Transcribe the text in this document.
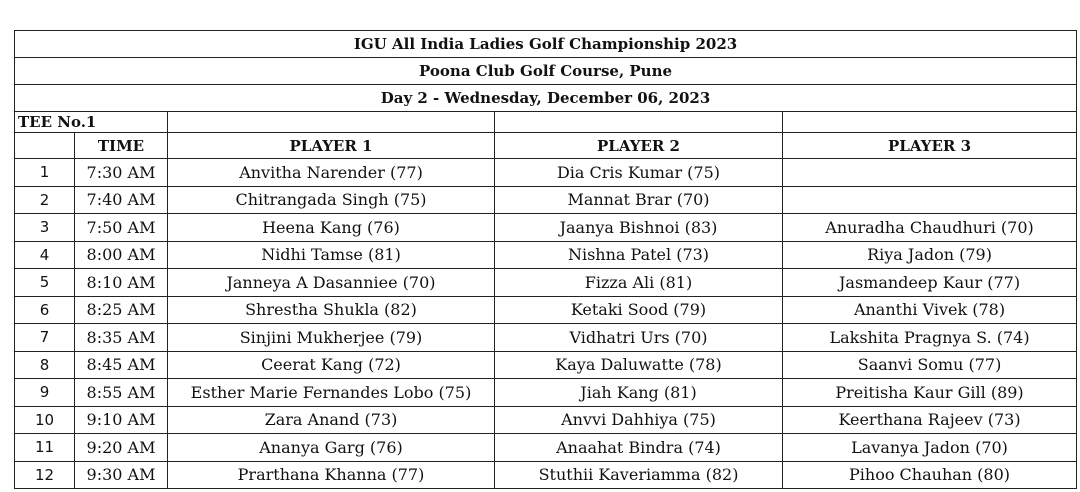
IGU All India Ladies Golf Championship 2023				
Poona Club Golf Course, Pune				
Day 2 - Wednesday, December 06, 2023				
TEE No.1				
	TIME	PLAYER 1	PLAYER 2	PLAYER 3
1	7:30 AM	Anvitha Narender (77)	Dia Cris Kumar (75)	
2	7:40 AM	Chitrangada Singh (75)	Mannat Brar (70)	
3	7:50 AM	Heena Kang (76)	Jaanya Bishnoi (83)	Anuradha Chaudhuri (70)
4	8:00 AM	Nidhi Tamse (81)	Nishna Patel (73)	Riya Jadon (79)
5	8:10 AM	Janneya A Dasanniee (70)	Fizza Ali (81)	Jasmandeep Kaur (77)
6	8:25 AM	Shrestha Shukla (82)	Ketaki Sood (79)	Ananthi Vivek (78)
7	8:35 AM	Sinjini Mukherjee (79)	Vidhatri Urs (70)	Lakshita Pragnya S. (74)
8	8:45 AM	Ceerat Kang (72)	Kaya Daluwatte (78)	Saanvi Somu (77)
9	8:55 AM	Esther Marie Fernandes Lobo (75)	Jiah Kang (81)	Preitisha Kaur Gill (89)
10	9:10 AM	Zara Anand (73)	Anvvi Dahhiya (75)	Keerthana Rajeev (73)
11	9:20 AM	Ananya Garg (76)	Anaahat Bindra (74)	Lavanya Jadon (70)
12	9:30 AM	Prarthana Khanna (77)	Stuthii Kaveriamma (82)	Pihoo Chauhan (80)
